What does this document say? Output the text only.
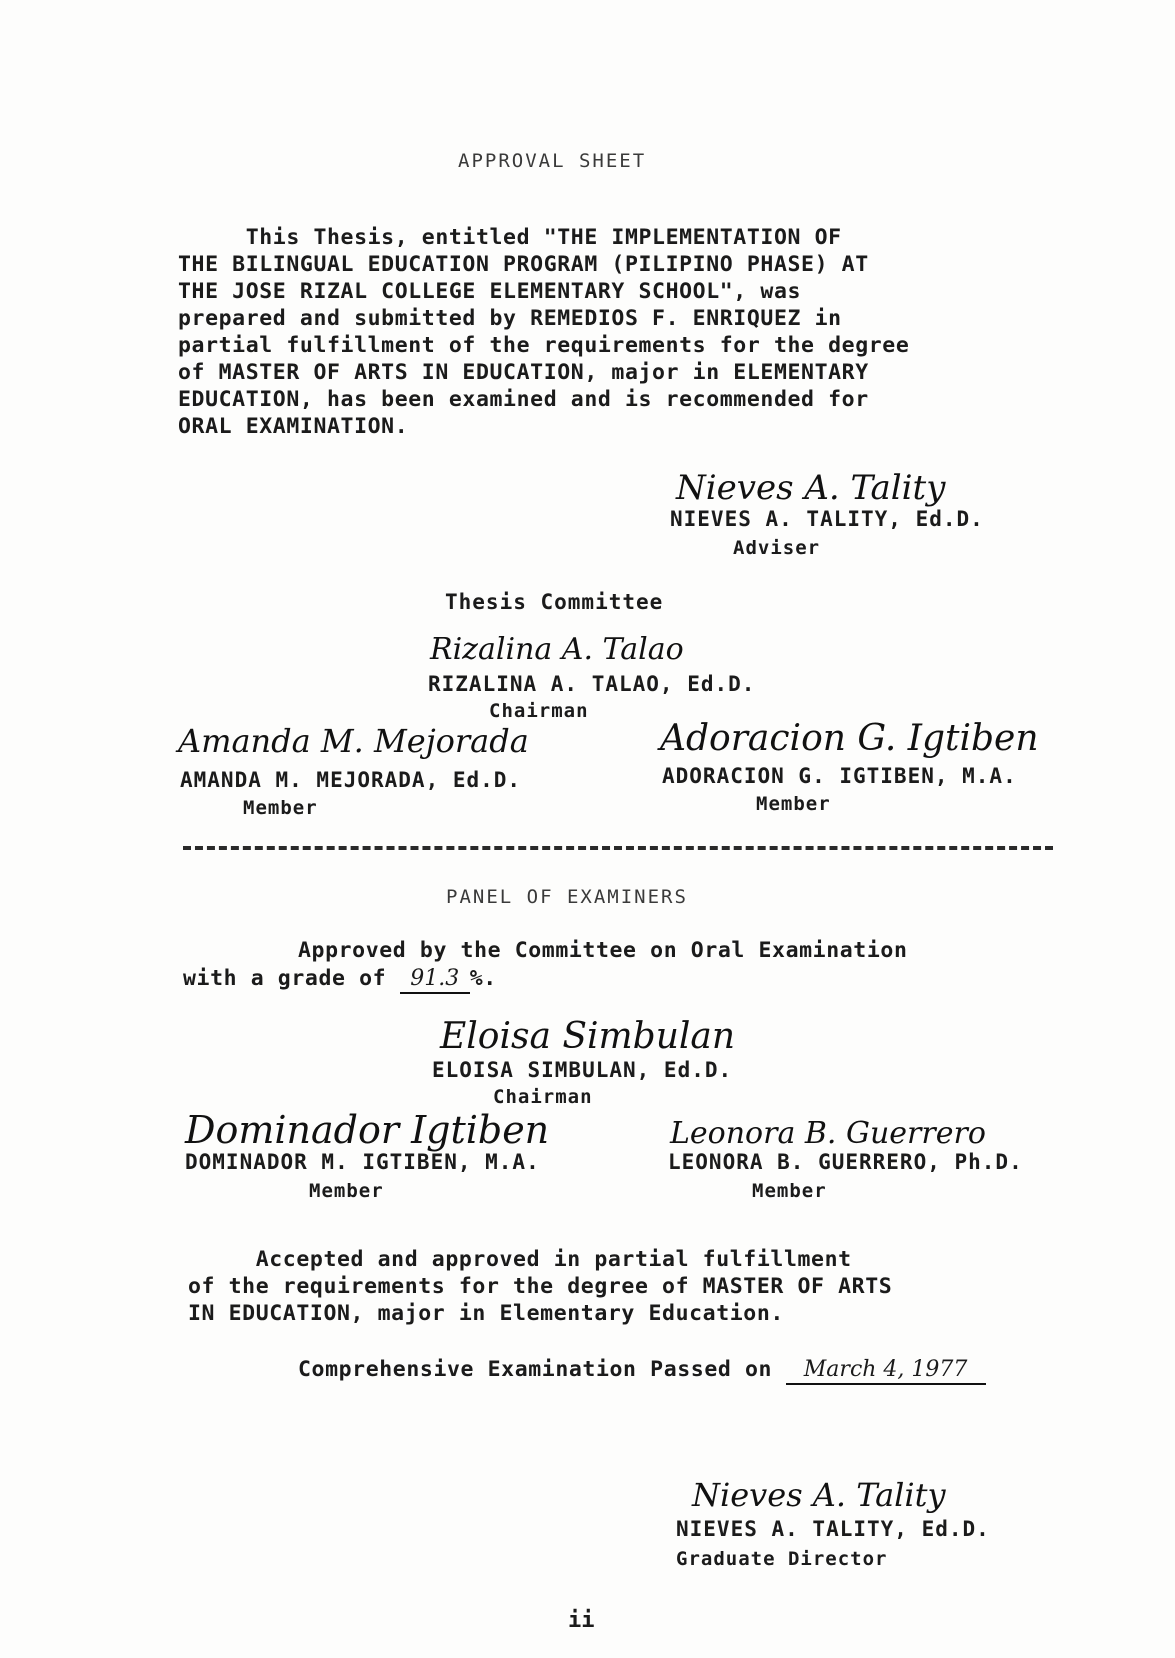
APPROVAL SHEET
This Thesis, entitled "THE IMPLEMENTATION OF
THE BILINGUAL EDUCATION PROGRAM (PILIPINO PHASE) AT
THE JOSE RIZAL COLLEGE ELEMENTARY SCHOOL", was
prepared and submitted by REMEDIOS F. ENRIQUEZ in
partial fulfillment of the requirements for the degree
of MASTER OF ARTS IN EDUCATION, major in ELEMENTARY
EDUCATION, has been examined and is recommended for
ORAL EXAMINATION.
Nieves A. Tality
NIEVES A. TALITY, Ed.D.
Adviser
Thesis Committee
Rizalina A. Talao
RIZALINA A. TALAO, Ed.D.
Chairman
Amanda M. Mejorada
AMANDA M. MEJORADA, Ed.D.
Member
Adoracion G. Igtiben
ADORACION G. IGTIBEN, M.A.
Member
PANEL OF EXAMINERS
Approved by the Committee on Oral Examination
with a grade of 91.3 %.
Eloisa Simbulan
ELOISA SIMBULAN, Ed.D.
Chairman
Dominador Igtiben
DOMINADOR M. IGTIBEN, M.A.
Member
Leonora B. Guerrero
LEONORA B. GUERRERO, Ph.D.
Member
Accepted and approved in partial fulfillment
of the requirements for the degree of MASTER OF ARTS
IN EDUCATION, major in Elementary Education.
Comprehensive Examination Passed on March 4, 1977
Nieves A. Tality
NIEVES A. TALITY, Ed.D.
Graduate Director
ii
